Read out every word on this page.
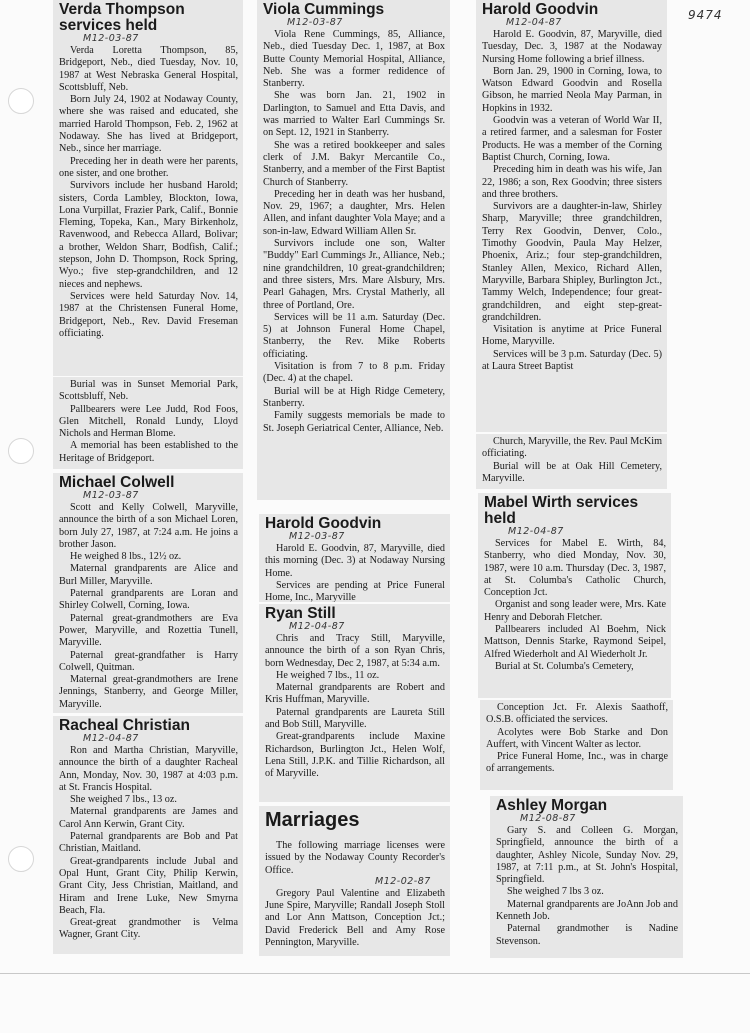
9474
Verda Thompson services held
M12-03-87

Verda Loretta Thompson, 85, Bridgeport, Neb., died Tuesday, Nov. 10, 1987 at West Nebraska General Hospital, Scottsbluff, Neb.

Born July 24, 1902 at Nodaway County, where she was raised and educated, she married Harold Thompson, Feb. 2, 1962 at Nodaway. She has lived at Bridgeport, Neb., since her marriage.

Preceding her in death were her parents, one sister, and one brother.

Survivors include her husband Harold; sisters, Corda Lambley, Blockton, Iowa, Lona Vurpillat, Frazier Park, Calif., Bonnie Fleming, Topeka, Kan., Mary Birkenholz, Ravenwood, and Rebecca Allard, Bolivar; a brother, Weldon Sharr, Bodfish, Calif.; stepson, John D. Thompson, Rock Spring, Wyo.; five step-grandchildren, and 12 nieces and nephews.

Services were held Saturday Nov. 14, 1987 at the Christensen Funeral Home, Bridgeport, Neb., Rev. David Freseman officiating.

Burial was in Sunset Memorial Park, Scottsbluff, Neb.

Pallbearers were Lee Judd, Rod Foos, Glen Mitchell, Ronald Lundy, Lloyd Nichols and Herman Blome.

A memorial has been established to the Heritage of Bridgeport.

Michael Colwell
M12-03-87

Scott and Kelly Colwell, Maryville, announce the birth of a son Michael Loren, born July 27, 1987, at 7:24 a.m. He joins a brother Jason.

He weighed 8 lbs., 12½ oz.

Maternal grandparents are Alice and Burl Miller, Maryville.

Paternal grandparents are Loran and Shirley Colwell, Corning, Iowa.

Paternal great-grandmothers are Eva Power, Maryville, and Rozettia Tunell, Maryville.

Paternal great-grandfather is Harry Colwell, Quitman.

Maternal great-grandmothers are Irene Jennings, Stanberry, and George Miller, Maryville.

Racheal Christian
M12-04-87

Ron and Martha Christian, Maryville, announce the birth of a daughter Racheal Ann, Monday, Nov. 30, 1987 at 4:03 p.m. at St. Francis Hospital.

She weighed 7 lbs., 13 oz.

Maternal grandparents are James and Carol Ann Kerwin, Grant City.

Paternal grandparents are Bob and Pat Christian, Maitland.

Great-grandparents include Jubal and Opal Hunt, Grant City, Philip Kerwin, Grant City, Jess Christian, Maitland, and Hiram and Irene Luke, New Smyrna Beach, Fla.

Great-great grandmother is Velma Wagner, Grant City.

Viola Cummings
M12-03-87

Viola Rene Cummings, 85, Alliance, Neb., died Tuesday Dec. 1, 1987, at Box Butte County Memorial Hospital, Alliance, Neb. She was a former redidence of Stanberry.

She was born Jan. 21, 1902 in Darlington, to Samuel and Etta Davis, and was married to Walter Earl Cummings Sr. on Sept. 12, 1921 in Stanberry.

She was a retired bookkeeper and sales clerk of J.M. Bakyr Mercantile Co., Stanberry, and a member of the First Baptist Church of Stanberry.

Preceding her in death was her husband, Nov. 29, 1967; a daughter, Mrs. Helen Allen, and infant daughter Vola Maye; and a son-in-law, Edward William Allen Sr.

Survivors include one son, Walter "Buddy" Earl Cummings Jr., Alliance, Neb.; nine grandchildren, 10 great-grandchildren; and three sisters, Mrs. Mare Alsbury, Mrs. Pearl Gahagen, Mrs. Crystal Matherly, all three of Portland, Ore.

Services will be 11 a.m. Saturday (Dec. 5) at Johnson Funeral Home Chapel, Stanberry, the Rev. Mike Roberts officiating.

Visitation is from 7 to 8 p.m. Friday (Dec. 4) at the chapel.

Burial will be at High Ridge Cemetery, Stanberry.

Family suggests memorials be made to St. Joseph Geriatrical Center, Alliance, Neb.

Harold Goodvin
M12-03-87

Harold E. Goodvin, 87, Maryville, died this morning (Dec. 3) at Nodaway Nursing Home.

Services are pending at Price Funeral Home, Inc., Maryville

Ryan Still
M12-04-87

Chris and Tracy Still, Maryville, announce the birth of a son Ryan Chris, born Wednesday, Dec 2, 1987, at 5:34 a.m.

He weighed 7 lbs., 11 oz.

Maternal grandparents are Robert and Kris Huffman, Maryville.

Paternal grandparents are Laureta Still and Bob Still, Maryville.

Great-grandparents include Maxine Richardson, Burlington Jct., Helen Wolf, Lena Still, J.P.K. and Tillie Richardson, all of Maryville.

Marriages

The following marriage licenses were issued by the Nodaway County Recorder's Office.

M12-02-87

Gregory Paul Valentine and Elizabeth June Spire, Maryville; Randall Joseph Stoll and Lor Ann Mattson, Conception Jct.; David Frederick Bell and Amy Rose Pennington, Maryville.

Harold Goodvin
M12-04-87

Harold E. Goodvin, 87, Maryville, died Tuesday, Dec. 3, 1987 at the Nodaway Nursing Home following a brief illness.

Born Jan. 29, 1900 in Corning, Iowa, to Watson Edward Goodvin and Rosella Gibson, he married Neola May Parman, in Hopkins in 1932.

Goodvin was a veteran of World War II, a retired farmer, and a salesman for Foster Products. He was a member of the Corning Baptist Church, Corning, Iowa.

Preceding him in death was his wife, Jan 22, 1986; a son, Rex Goodvin; three sisters and three brothers.

Survivors are a daughter-in-law, Shirley Sharp, Maryville; three grandchildren, Terry Rex Goodvin, Denver, Colo., Timothy Goodvin, Paula May Helzer, Phoenix, Ariz.; four step-grandchildren, Stanley Allen, Mexico, Richard Allen, Maryville, Barbara Shipley, Burlington Jct., Tammy Welch, Independence; four great-grandchildren, and eight step-great-grandchildren.

Visitation is anytime at Price Funeral Home, Maryville.

Services will be 3 p.m. Saturday (Dec. 5) at Laura Street Baptist

Church, Maryville, the Rev. Paul McKim officiating.

Burial will be at Oak Hill Cemetery, Maryville.

Mabel Wirth services held
M12-04-87

Services for Mabel E. Wirth, 84, Stanberry, who died Monday, Nov. 30, 1987, were 10 a.m. Thursday (Dec. 3, 1987, at St. Columba's Catholic Church, Conception Jct.

Organist and song leader were, Mrs. Kate Henry and Deborah Fletcher.

Pallbearers included Al Boehm, Nick Mattson, Dennis Starke, Raymond Seipel, Alfred Wiederholt and Al Wiederholt Jr.

Burial at St. Columba's Cemetery,

Conception Jct. Fr. Alexis Saathoff, O.S.B. officiated the services.

Acolytes were Bob Starke and Don Auffert, with Vincent Walter as lector.

Price Funeral Home, Inc., was in charge of arrangements.

Ashley Morgan
M12-08-87

Gary S. and Colleen G. Morgan, Springfield, announce the birth of a daughter, Ashley Nicole, Sunday Nov. 29, 1987, at 7:11 p.m., at St. John's Hospital, Springfield.

She weighed 7 lbs 3 oz.

Maternal grandparents are JoAnn Job and Kenneth Job.

Paternal grandmother is Nadine Stevenson.
